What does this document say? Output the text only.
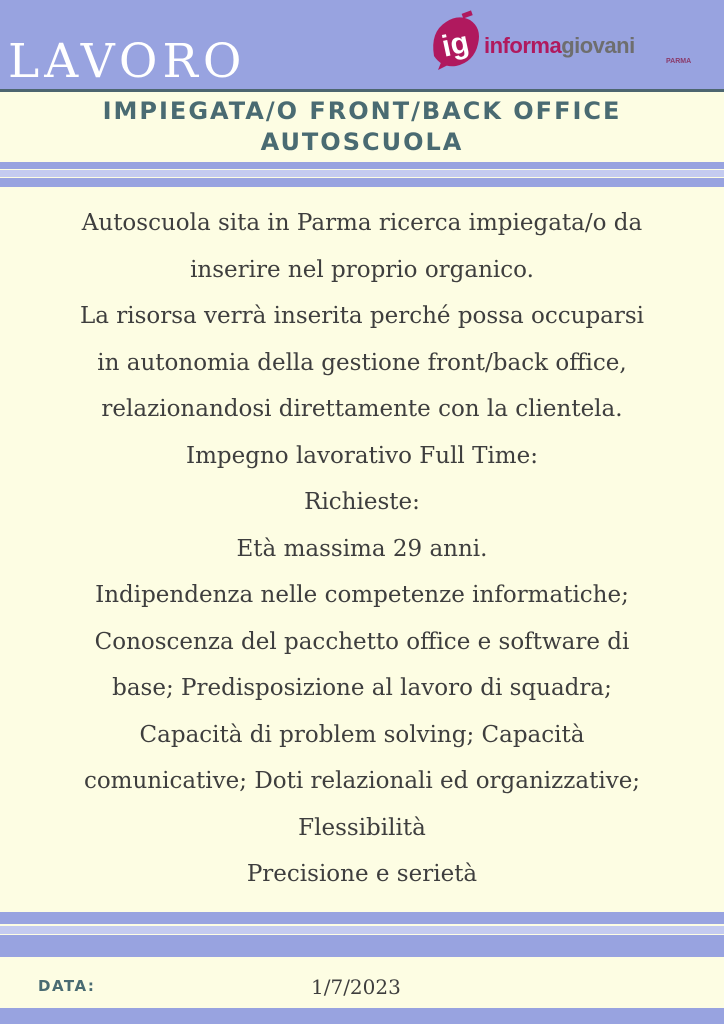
LAVORO	ig informagiovani
PARMA
IMPIEGATA/O FRONT/BACK OFFICE
AUTOSCUOLA
Autoscuola sita in Parma ricerca impiegata/o da
inserire nel proprio organico.
La risorsa verrà inserita perché possa occuparsi
in autonomia della gestione front/back office,
relazionandosi direttamente con la clientela.
Impegno lavorativo Full Time:
Richieste:
Età massima 29 anni.
Indipendenza nelle competenze informatiche;
Conoscenza del pacchetto office e software di
base; Predisposizione al lavoro di squadra;
Capacità di problem solving; Capacità
comunicative; Doti relazionali ed organizzative;
Flessibilità
Precisione e serietà
DATA:	1/7/2023
